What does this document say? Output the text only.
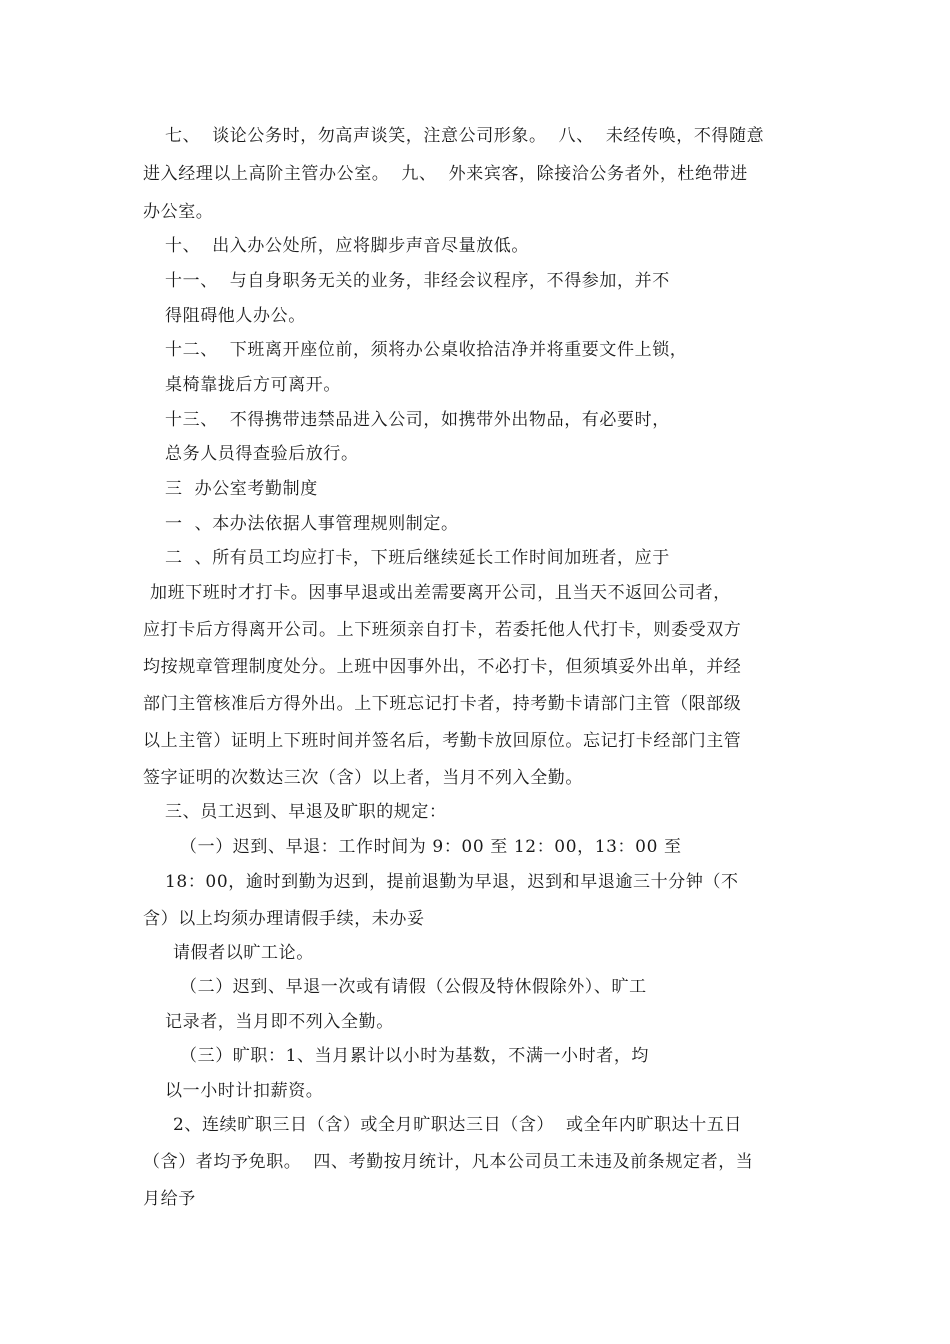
七、  谈论公务时，勿高声谈笑，注意公司形象。  八、  未经传唤，不得随意
进入经理以上高阶主管办公室。  九、  外来宾客，除接洽公务者外，杜绝带进
办公室。
十、  出入办公处所，应将脚步声音尽量放低。
十一、  与自身职务无关的业务，非经会议程序，不得参加，并不
得阻碍他人办公。
十二、  下班离开座位前，须将办公桌收拾洁净并将重要文件上锁，
桌椅靠拢后方可离开。
十三、  不得携带违禁品进入公司，如携带外出物品，有必要时，
总务人员得查验后放行。
三  办公室考勤制度
一  、本办法依据人事管理规则制定。
二  、所有员工均应打卡，下班后继续延长工作时间加班者，应于
加班下班时才打卡。因事早退或出差需要离开公司，且当天不返回公司者，
应打卡后方得离开公司。上下班须亲自打卡，若委托他人代打卡，则委受双方
均按规章管理制度处分。上班中因事外出，不必打卡，但须填妥外出单，并经
部门主管核准后方得外出。上下班忘记打卡者，持考勤卡请部门主管（限部级
以上主管）证明上下班时间并签名后，考勤卡放回原位。忘记打卡经部门主管
签字证明的次数达三次（含）以上者，当月不列入全勤。
三、员工迟到、早退及旷职的规定：
（一）迟到、早退：工作时间为 9：00 至 12：00，13：00 至
18：00，逾时到勤为迟到，提前退勤为早退，迟到和早退逾三十分钟（不
含）以上均须办理请假手续，未办妥
请假者以旷工论。
（二）迟到、早退一次或有请假（公假及特休假除外）、旷工
记录者，当月即不列入全勤。
（三）旷职：1、当月累计以小时为基数，不满一小时者，均
以一小时计扣薪资。
2、连续旷职三日（含）或全月旷职达三日（含）  或全年内旷职达十五日
（含）者均予免职。  四、考勤按月统计，凡本公司员工未违及前条规定者，当
月给予
